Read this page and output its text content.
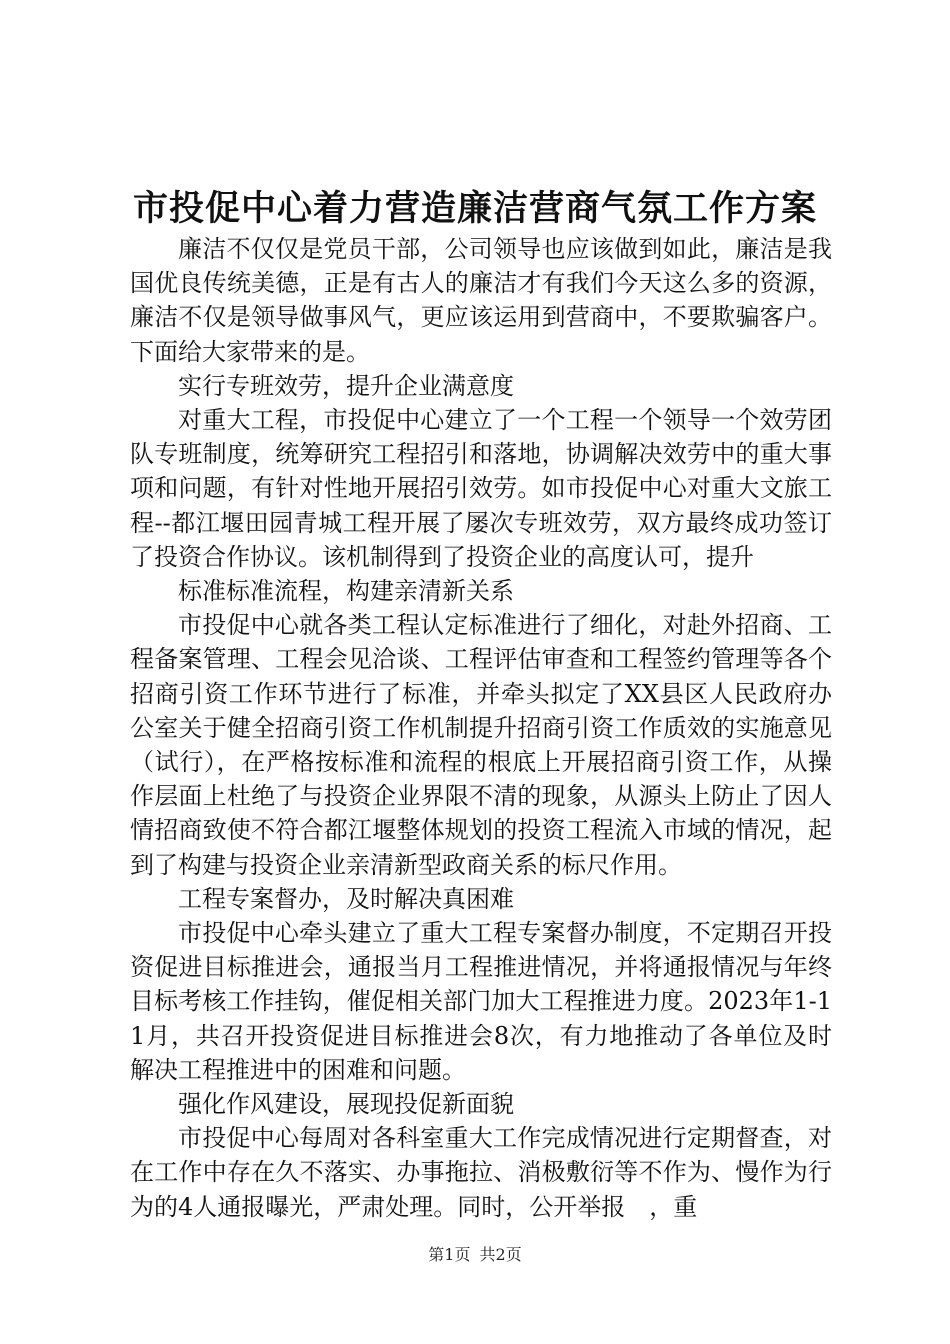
市投促中心着力营造廉洁营商气氛工作方案

廉洁不仅仅是党员干部，公司领导也应该做到如此，廉洁是我国优良传统美德，正是有古人的廉洁才有我们今天这么多的资源，廉洁不仅是领导做事风气，更应该运用到营商中，不要欺骗客户。下面给大家带来的是。

实行专班效劳，提升企业满意度

对重大工程，市投促中心建立了一个工程一个领导一个效劳团队专班制度，统筹研究工程招引和落地，协调解决效劳中的重大事项和问题，有针对性地开展招引效劳。如市投促中心对重大文旅工程--都江堰田园青城工程开展了屡次专班效劳，双方最终成功签订了投资合作协议。该机制得到了投资企业的高度认可，提升

标准标准流程，构建亲清新关系

市投促中心就各类工程认定标准进行了细化，对赴外招商、工程备案管理、工程会见洽谈、工程评估审查和工程签约管理等各个招商引资工作环节进行了标准，并牵头拟定了XX县区人民政府办公室关于健全招商引资工作机制提升招商引资工作质效的实施意见（试行），在严格按标准和流程的根底上开展招商引资工作，从操作层面上杜绝了与投资企业界限不清的现象，从源头上防止了因人情招商致使不符合都江堰整体规划的投资工程流入市域的情况，起到了构建与投资企业亲清新型政商关系的标尺作用。

工程专案督办，及时解决真困难

市投促中心牵头建立了重大工程专案督办制度，不定期召开投资促进目标推进会，通报当月工程推进情况，并将通报情况与年终目标考核工作挂钩，催促相关部门加大工程推进力度。2023年1-11月，共召开投资促进目标推进会8次，有力地推动了各单位及时解决工程推进中的困难和问题。

强化作风建设，展现投促新面貌

市投促中心每周对各科室重大工作完成情况进行定期督查，对在工作中存在久不落实、办事拖拉、消极敷衍等不作为、慢作为行为的4人通报曝光，严肃处理。同时，公开举报　，重

第1页 共2页
